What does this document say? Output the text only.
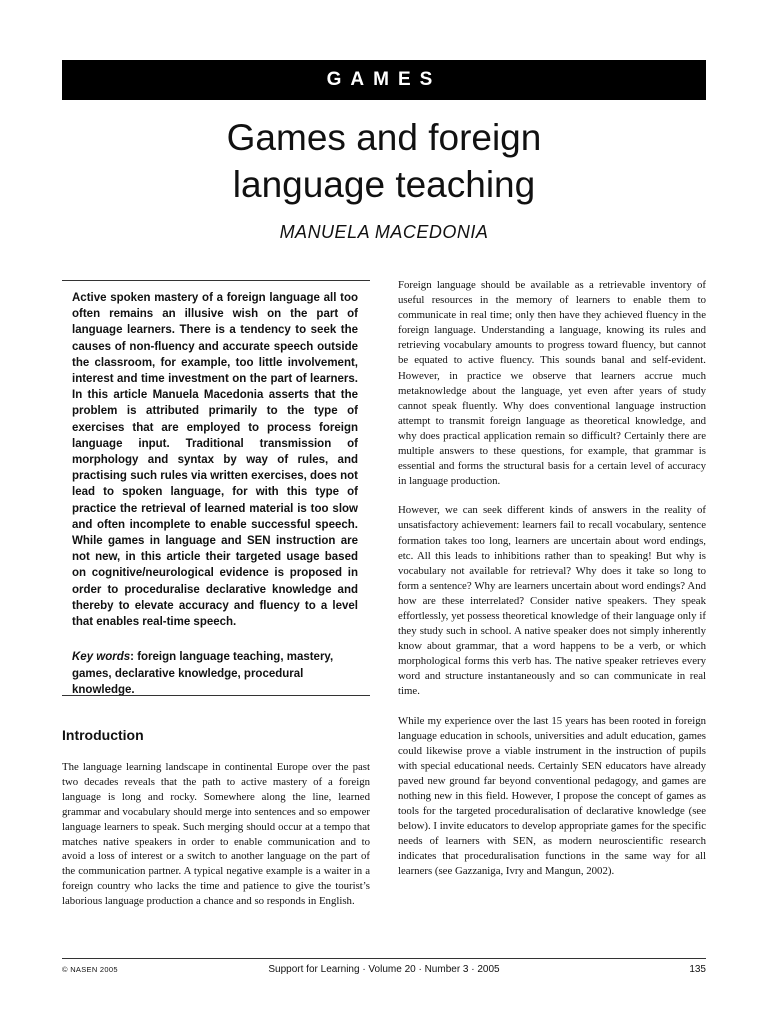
GAMES
Games and foreign
language teaching
MANUELA MACEDONIA

Active spoken mastery of a foreign language all too often remains an illusive wish on the part of language learners. There is a tendency to seek the causes of non-fluency and accurate speech outside the classroom, for example, too little involvement, interest and time investment on the part of learners. In this article Manuela Macedonia asserts that the problem is attributed primarily to the type of exercises that are employed to process foreign language input. Traditional transmission of morphology and syntax by way of rules, and practising such rules via written exercises, does not lead to spoken language, for with this type of practice the retrieval of learned material is too slow and often incomplete to enable successful speech. While games in language and SEN instruction are not new, in this article their targeted usage based on cognitive/neurological evidence is proposed in order to proceduralise declarative knowledge and thereby to elevate accuracy and fluency to a level that enables real-time speech.

Key words: foreign language teaching, mastery, games, declarative knowledge, procedural knowledge.

Introduction

The language learning landscape in continental Europe over the past two decades reveals that the path to active mastery of a foreign language is long and rocky. Somewhere along the line, learned grammar and vocabulary should merge into sentences and so empower language learners to speak. Such merging should occur at a tempo that matches native speakers in order to enable communication and to avoid a loss of interest or a switch to another language on the part of the communication partner. A typical negative example is a waiter in a foreign country who lacks the time and patience to give the tourist’s laborious language production a chance and so responds in English.

Foreign language should be available as a retrievable inventory of useful resources in the memory of learners to enable them to communicate in real time; only then have they achieved fluency in the foreign language. Understanding a language, knowing its rules and retrieving vocabulary amounts to progress toward fluency, but cannot be equated to active fluency. This sounds banal and self-evident. However, in practice we observe that learners accrue much metaknowledge about the language, yet even after years of study cannot speak fluently. Why does conventional language instruction attempt to transmit foreign language as theoretical knowledge, and why does practical application remain so difficult? Certainly there are multiple answers to these questions, for example, that grammar is essential and forms the structural basis for a certain level of accuracy in language production.

However, we can seek different kinds of answers in the reality of unsatisfactory achievement: learners fail to recall vocabulary, sentence formation takes too long, learners are uncertain about word endings, etc. All this leads to inhibitions rather than to speaking! But why is vocabulary not available for retrieval? Why does it take so long to form a sentence? Why are learners uncertain about word endings? And how are these interrelated? Consider native speakers. They speak effortlessly, yet possess theoretical knowledge of their language only if they study such in school. A native speaker does not simply inherently know about grammar, that a word happens to be a verb, or which morphological forms this verb has. The native speaker retrieves every word and structure instantaneously and so can communicate in real time.

While my experience over the last 15 years has been rooted in foreign language education in schools, universities and adult education, games could likewise prove a viable instrument in the instruction of pupils with special educational needs. Certainly SEN educators have already paved new ground far beyond conventional pedagogy, and games are nothing new in this field. However, I propose the concept of games as tools for the targeted proceduralisation of declarative knowledge (see below). I invite educators to develop appropriate games for the specific needs of learners with SEN, as modern neuroscientific research indicates that proceduralisation functions in the same way for all learners (see Gazzaniga, Ivry and Mangun, 2002).

© NASEN 2005	Support for Learning · Volume 20 · Number 3 · 2005	135
